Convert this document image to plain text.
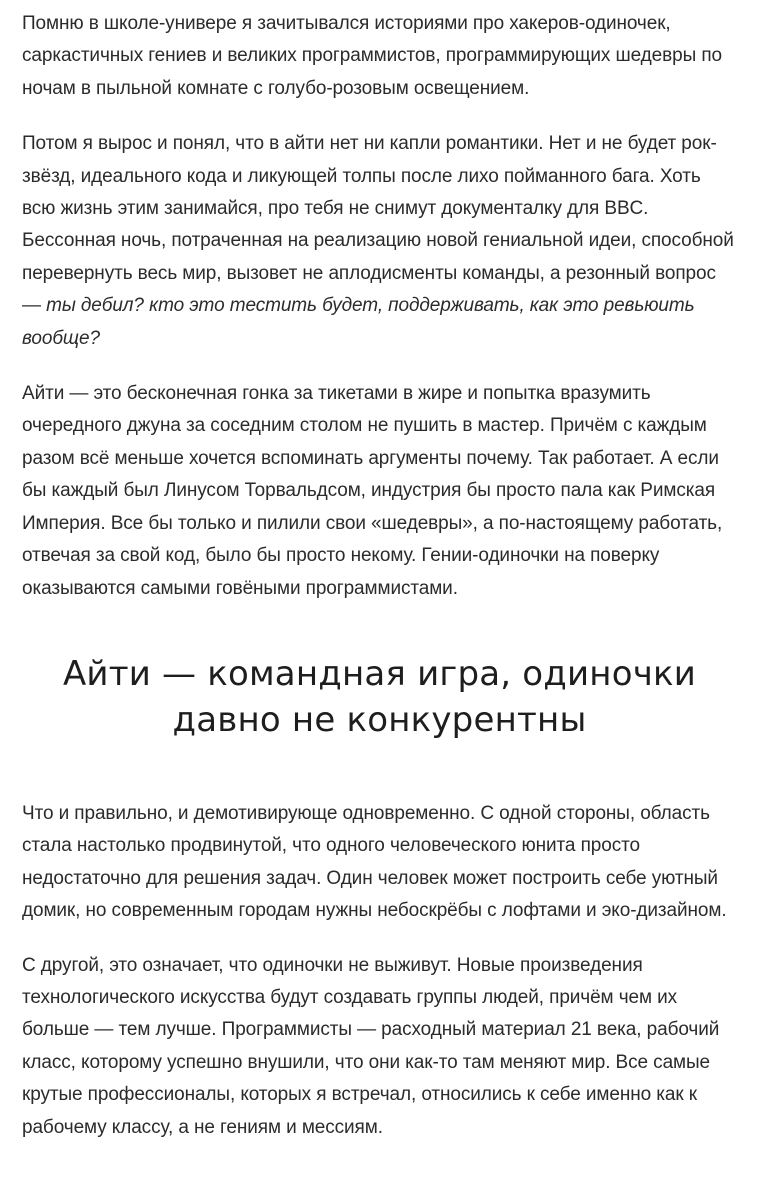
Помню в школе-универе я зачитывался историями про хакеров-одиночек, саркастичных гениев и великих программистов, программирующих шедевры по ночам в пыльной комнате с голубо-розовым освещением.

Потом я вырос и понял, что в айти нет ни капли романтики. Нет и не будет рок-звёзд, идеального кода и ликующей толпы после лихо пойманного бага. Хоть всю жизнь этим занимайся, про тебя не снимут документалку для BBC. Бессонная ночь, потраченная на реализацию новой гениальной идеи, способной перевернуть весь мир, вызовет не аплодисменты команды, а резонный вопрос — ты дебил? кто это тестить будет, поддерживать, как это ревьюить вообще?

Айти — это бесконечная гонка за тикетами в жире и попытка вразумить очередного джуна за соседним столом не пушить в мастер. Причём с каждым разом всё меньше хочется вспоминать аргументы почему. Так работает. А если бы каждый был Линусом Торвальдсом, индустрия бы просто пала как Римская Империя. Все бы только и пилили свои «шедевры», а по-настоящему работать, отвечая за свой код, было бы просто некому. Гении-одиночки на поверку оказываются самыми говёными программистами.

Айти — командная игра, одиночки давно не конкурентны

Что и правильно, и демотивирующе одновременно. С одной стороны, область стала настолько продвинутой, что одного человеческого юнита просто недостаточно для решения задач. Один человек может построить себе уютный домик, но современным городам нужны небоскрёбы с лофтами и эко-дизайном.

С другой, это означает, что одиночки не выживут. Новые произведения технологического искусства будут создавать группы людей, причём чем их больше — тем лучше. Программисты — расходный материал 21 века, рабочий класс, которому успешно внушили, что они как-то там меняют мир. Все самые крутые профессионалы, которых я встречал, относились к себе именно как к рабочему классу, а не гениям и мессиям.
